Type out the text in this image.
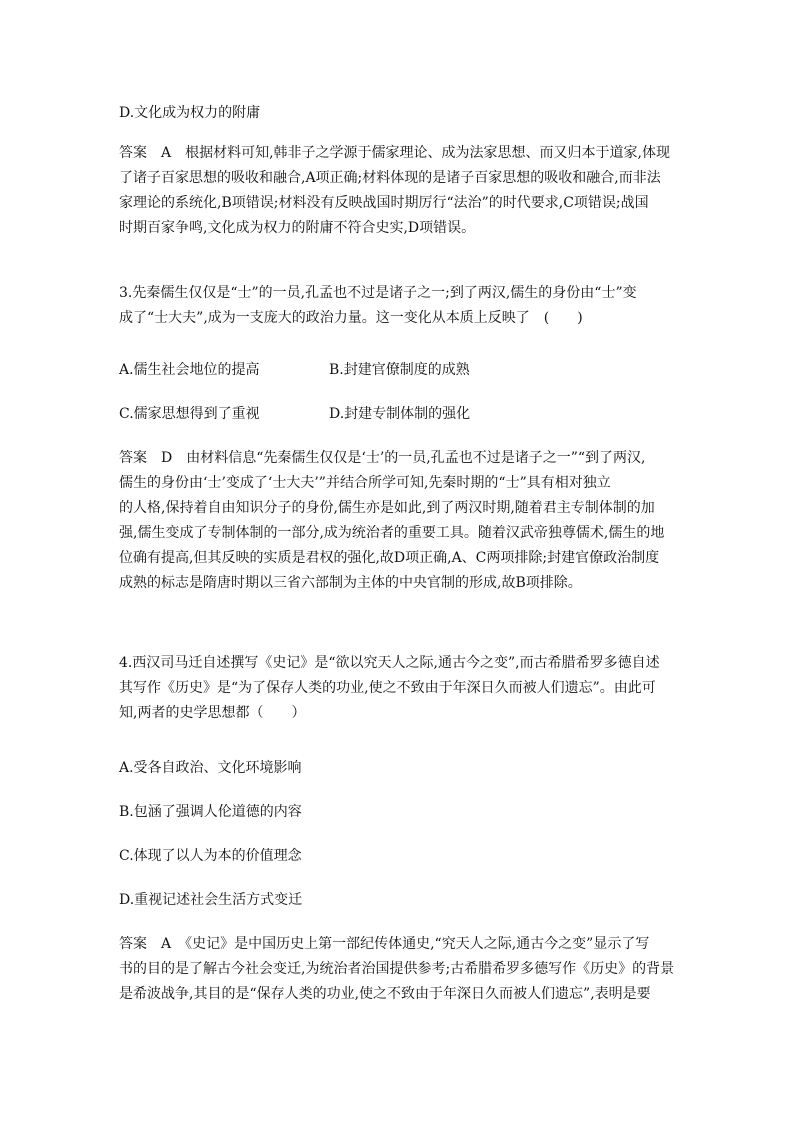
D.文化成为权力的附庸
答案　A　根据材料可知,韩非子之学源于儒家理论、成为法家思想、而又归本于道家,体现
了诸子百家思想的吸收和融合,A项正确;材料体现的是诸子百家思想的吸收和融合,而非法
家理论的系统化,B项错误;材料没有反映战国时期厉行“法治”的时代要求,C项错误;战国
时期百家争鸣,文化成为权力的附庸不符合史实,D项错误。
3.先秦儒生仅仅是“士”的一员,孔孟也不过是诸子之一;到了两汉,儒生的身份由“士”变
成了“士大夫”,成为一支庞大的政治力量。这一变化从本质上反映了　(　　)
A.儒生社会地位的提高	B.封建官僚制度的成熟
C.儒家思想得到了重视	D.封建专制体制的强化
答案　D　由材料信息“先秦儒生仅仅是‘士’的一员,孔孟也不过是诸子之一”“到了两汉,
儒生的身份由‘士’变成了‘士大夫’”并结合所学可知,先秦时期的“士”具有相对独立
的人格,保持着自由知识分子的身份,儒生亦是如此,到了两汉时期,随着君主专制体制的加
强,儒生变成了专制体制的一部分,成为统治者的重要工具。随着汉武帝独尊儒术,儒生的地
位确有提高,但其反映的实质是君权的强化,故D项正确,A、C两项排除;封建官僚政治制度
成熟的标志是隋唐时期以三省六部制为主体的中央官制的形成,故B项排除。
4.西汉司马迁自述撰写《史记》是“欲以究天人之际,通古今之变”,而古希腊希罗多德自述
其写作《历史》是“为了保存人类的功业,使之不致由于年深日久而被人们遗忘”。由此可
知,两者的史学思想都（　　）
A.受各自政治、文化环境影响
B.包涵了强调人伦道德的内容
C.体现了以人为本的价值理念
D.重视记述社会生活方式变迁
答案　A　《史记》是中国历史上第一部纪传体通史,“究天人之际,通古今之变”显示了写
书的目的是了解古今社会变迁,为统治者治国提供参考;古希腊希罗多德写作《历史》的背景
是希波战争,其目的是“保存人类的功业,使之不致由于年深日久而被人们遗忘”,表明是要
